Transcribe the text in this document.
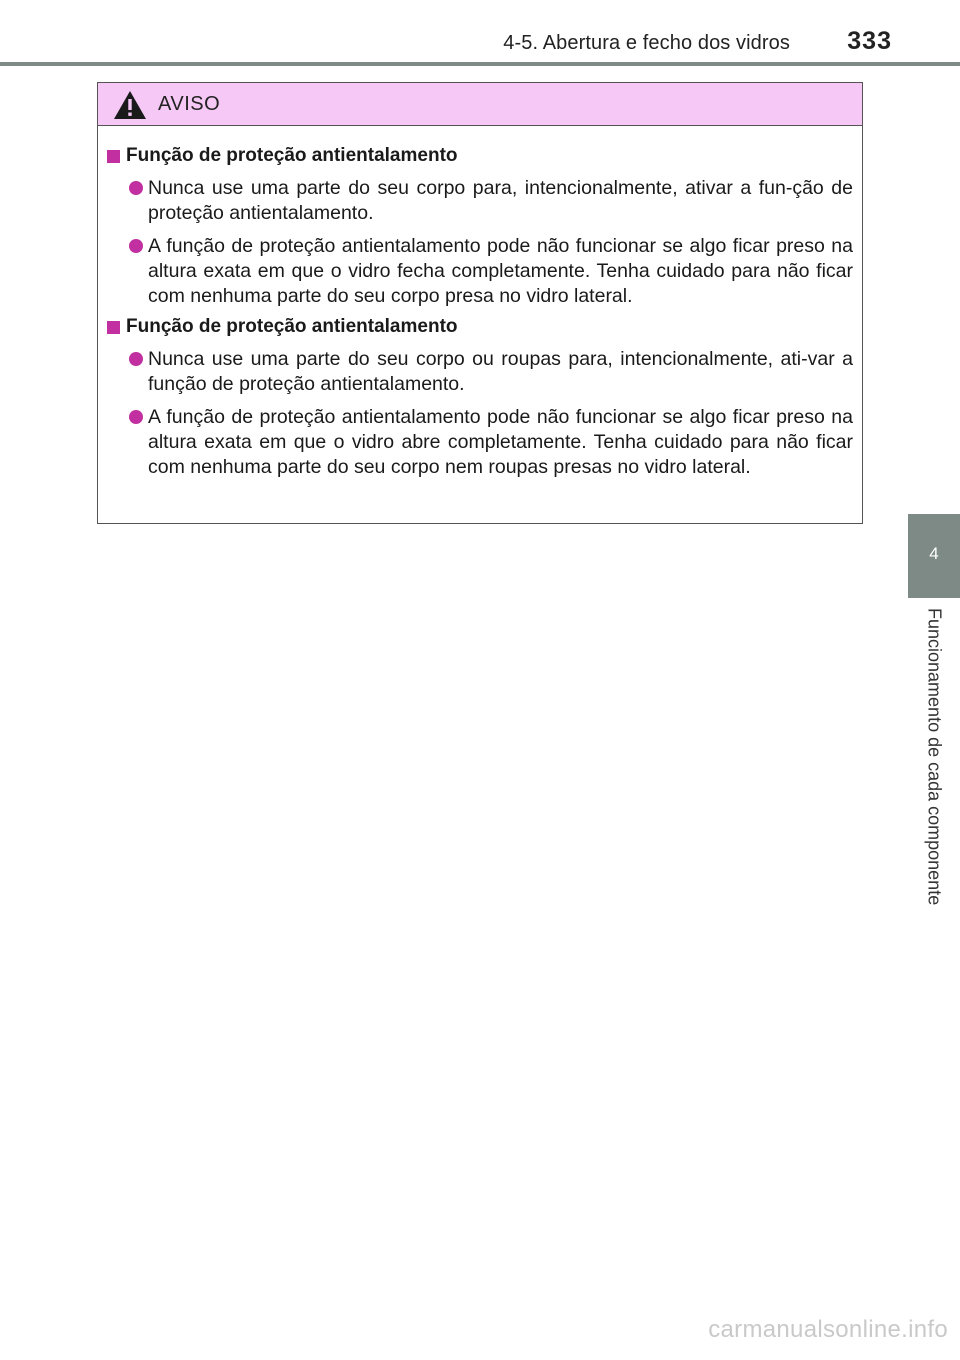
4-5. Abertura e fecho dos vidros 333
AVISO
Função de proteção antientalamento

Nunca use uma parte do seu corpo para, intencionalmente, ativar a fun-ção de proteção antientalamento.

A função de proteção antientalamento pode não funcionar se algo ficar preso na altura exata em que o vidro fecha completamente. Tenha cuidado para não ficar com nenhuma parte do seu corpo presa no vidro lateral.

Função de proteção antientalamento

Nunca use uma parte do seu corpo ou roupas para, intencionalmente, ati-var a função de proteção antientalamento.

A função de proteção antientalamento pode não funcionar se algo ficar preso na altura exata em que o vidro abre completamente. Tenha cuidado para não ficar com nenhuma parte do seu corpo nem roupas presas no vidro lateral.

4
Funcionamento de cada componente
carmanualsonline.info
